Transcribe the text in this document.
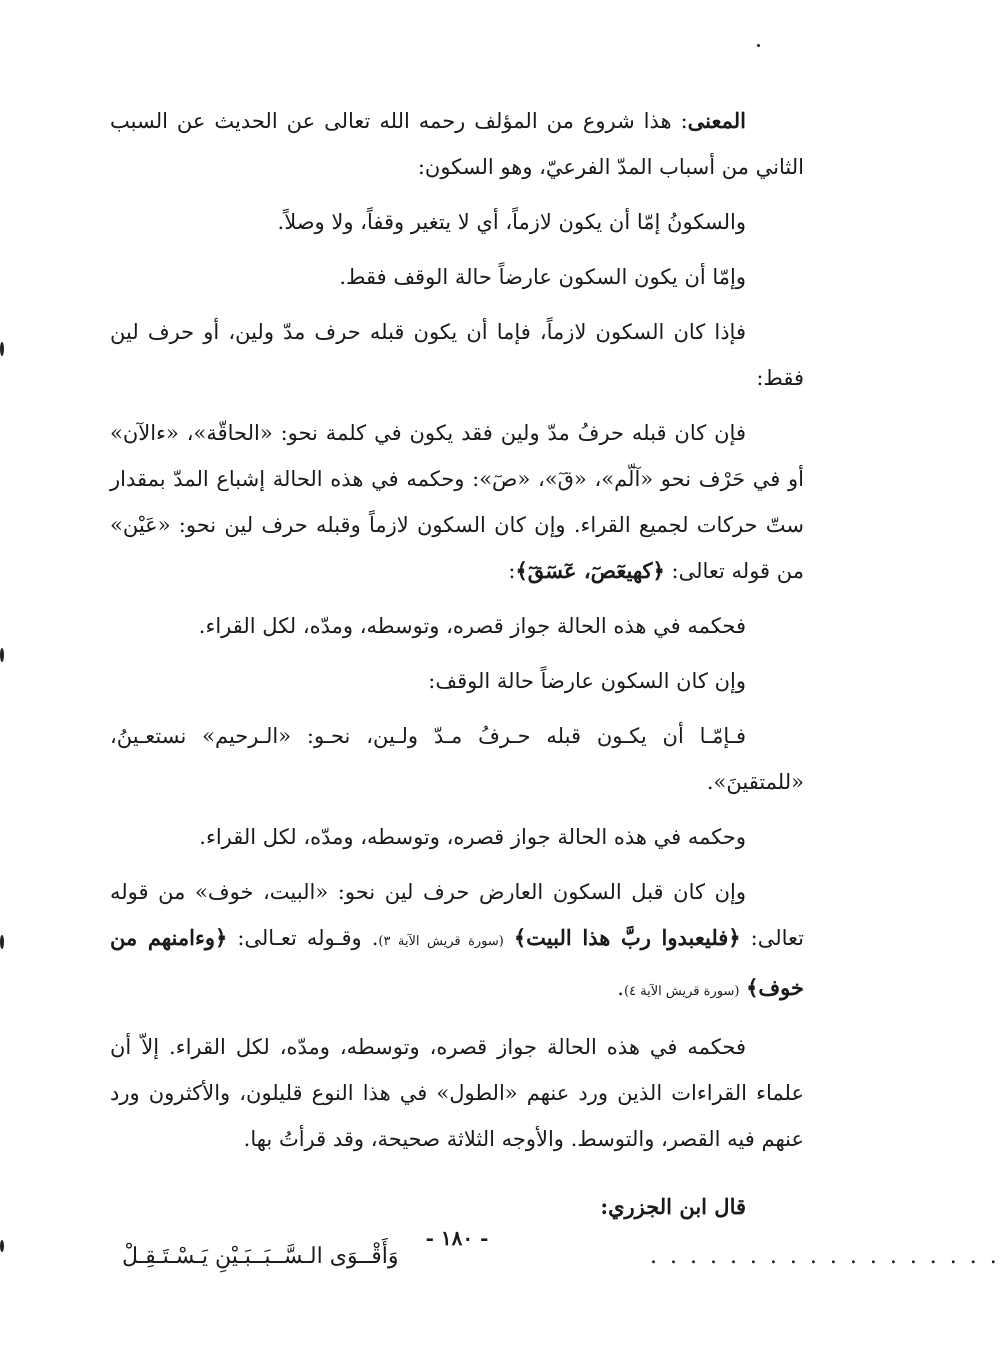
المعنى: هذا شروع من المؤلف رحمه الله تعالى عن الحديث عن السبب الثاني من أسباب المدّ الفرعيّ، وهو السكون:

والسكونُ إمّا أن يكون لازماً، أي لا يتغير وقفاً، ولا وصلاً.

وإمّا أن يكون السكون عارضاً حالة الوقف فقط.

فإذا كان السكون لازماً، فإما أن يكون قبله حرف مدّ ولين، أو حرف لين فقط:

فإن كان قبله حرفُ مدّ ولين فقد يكون في كلمة نحو: «الحاقّة»، «ءالآن» أو في حَرْف نحو «آلّم»، «قٓ»، «صٓ»: وحكمه في هذه الحالة إشباع المدّ بمقدار ستّ حركات لجميع القراء. وإن كان السكون لازماً وقبله حرف لين نحو: «عَيْن» من قوله تعالى: ﴿كهيعٓصٓ، عٓسٓقٓ﴾:

فحكمه في هذه الحالة جواز قصره، وتوسطه، ومدّه، لكل القراء.

وإن كان السكون عارضاً حالة الوقف:

فـإمّـا أن يكـون قبله حـرفُ مـدّ ولـين، نحـو: «الـرحيم» نستعـينُ، «للمتقينَ».

وحكمه في هذه الحالة جواز قصره، وتوسطه، ومدّه، لكل القراء.

وإن كان قبل السكون العارض حرف لين نحو: «البيت، خوف» من قوله تعالى: ﴿فليعبدوا ربَّ هذا البيت﴾ (سورة قريش الآية ٣). وقـوله تعـالى: ﴿وءامنهم من خوف﴾ (سورة قريش الآية ٤).

فحكمه في هذه الحالة جواز قصره، وتوسطه، ومدّه، لكل القراء. إلاّ أن علماء القراءات الذين ورد عنهم «الطول» في هذا النوع قليلون، والأكثرون ورد عنهم فيه القصر، والتوسط. والأوجه الثلاثة صحيحة، وقد قرأتُ بها.

قال ابن الجزري:
وَأَقْــوَى الـسَّــبَــبَـيْنِ يَـسْـتَـقِـلْ	. . . . . . . . . . . . . . . . . .
- ١٨٠ -
